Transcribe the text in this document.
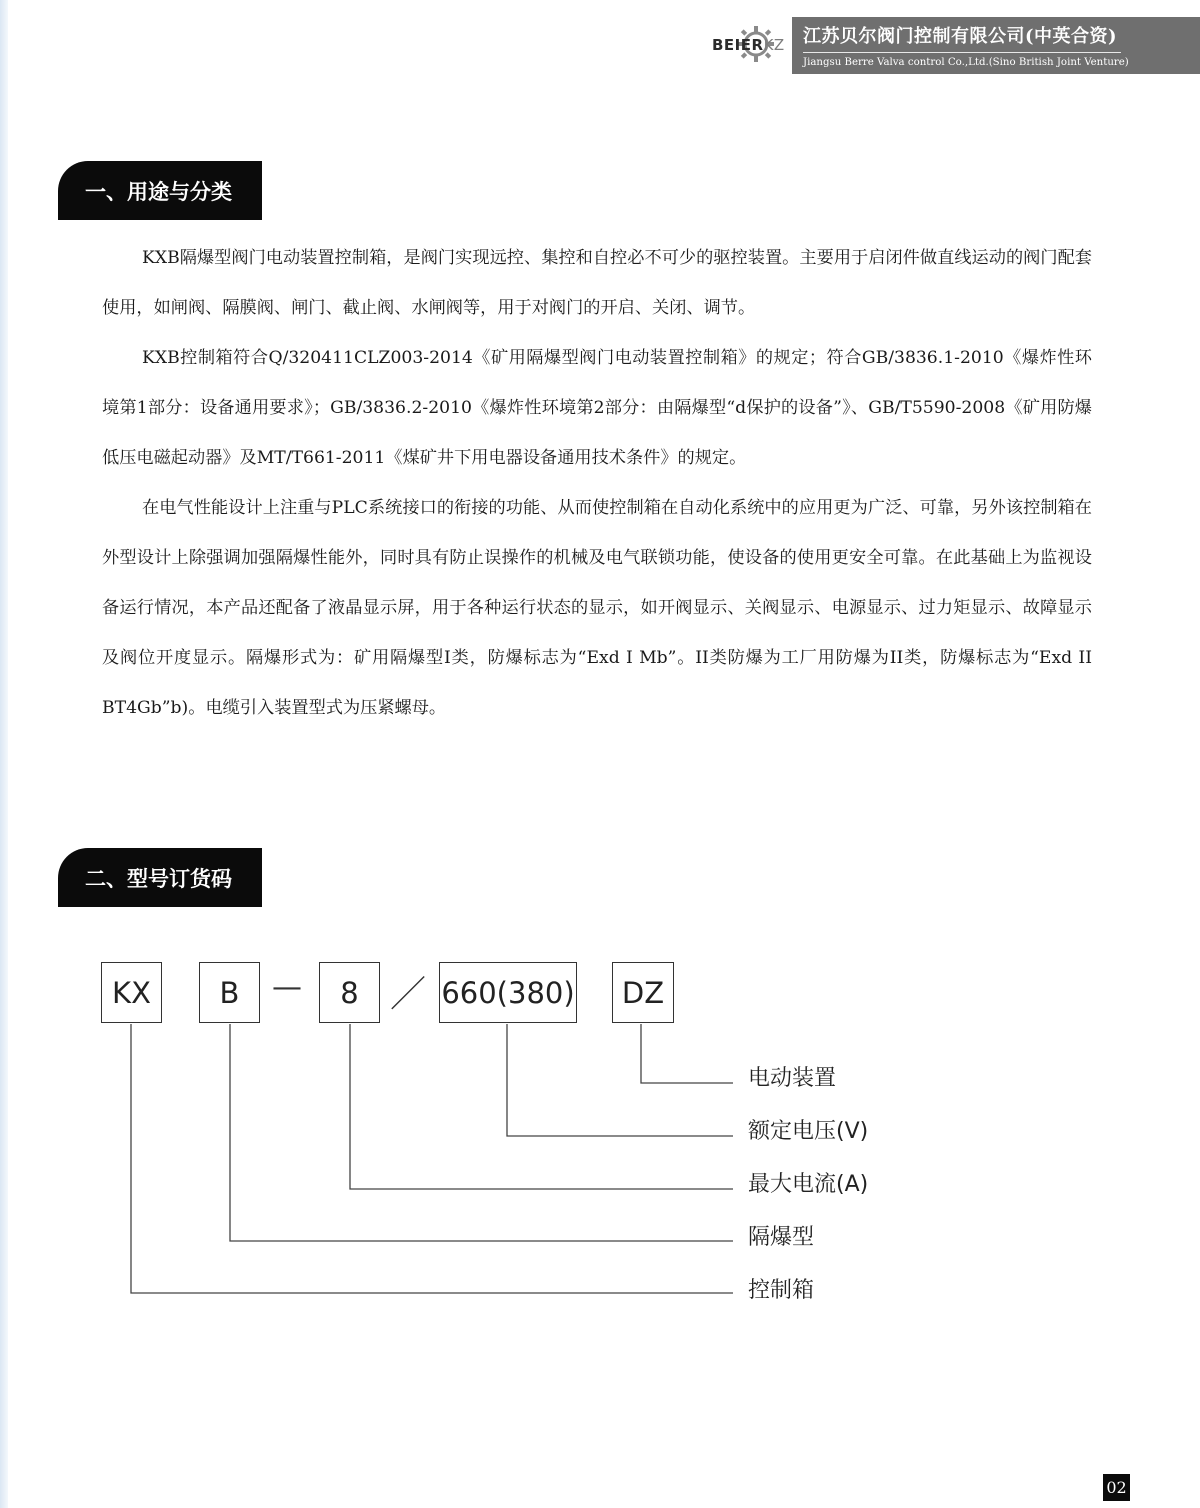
BEIERKZ 江苏贝尔阀门控制有限公司(中英合资)
Jiangsu Berre Valva control Co.,Ltd.(Sino British Joint Venture)
一、用途与分类

KXB隔爆型阀门电动装置控制箱，是阀门实现远控、集控和自控必不可少的驱控装置。主要用于启闭件做直线运动的阀门配套使用，如闸阀、隔膜阀、闸门、截止阀、水闸阀等，用于对阀门的开启、关闭、调节。

KXB控制箱符合Q/320411CLZ003-2014《矿用隔爆型阀门电动装置控制箱》的规定；符合GB/3836.1-2010《爆炸性环境第1部分：设备通用要求》；GB/3836.2-2010《爆炸性环境第2部分：由隔爆型“d保护的设备”》、GB/T5590-2008《矿用防爆低压电磁起动器》及MT/T661-2011《煤矿井下用电器设备通用技术条件》的规定。

在电气性能设计上注重与PLC系统接口的衔接的功能、从而使控制箱在自动化系统中的应用更为广泛、可靠，另外该控制箱在外型设计上除强调加强隔爆性能外，同时具有防止误操作的机械及电气联锁功能，使设备的使用更安全可靠。在此基础上为监视设备运行情况，本产品还配备了液晶显示屏，用于各种运行状态的显示，如开阀显示、关阀显示、电源显示、过力矩显示、故障显示及阀位开度显示。隔爆形式为：矿用隔爆型Ⅰ类，防爆标志为“Exd I Mb”。II类防爆为工厂用防爆为II类，防爆标志为“Exd II BT4Gb”b)。电缆引入装置型式为压紧螺母。

二、型号订货码
KX	B	—	8 ／ 660(380)	DZ
电动装置
额定电压(V)
最大电流(A)
隔爆型
控制箱
02
